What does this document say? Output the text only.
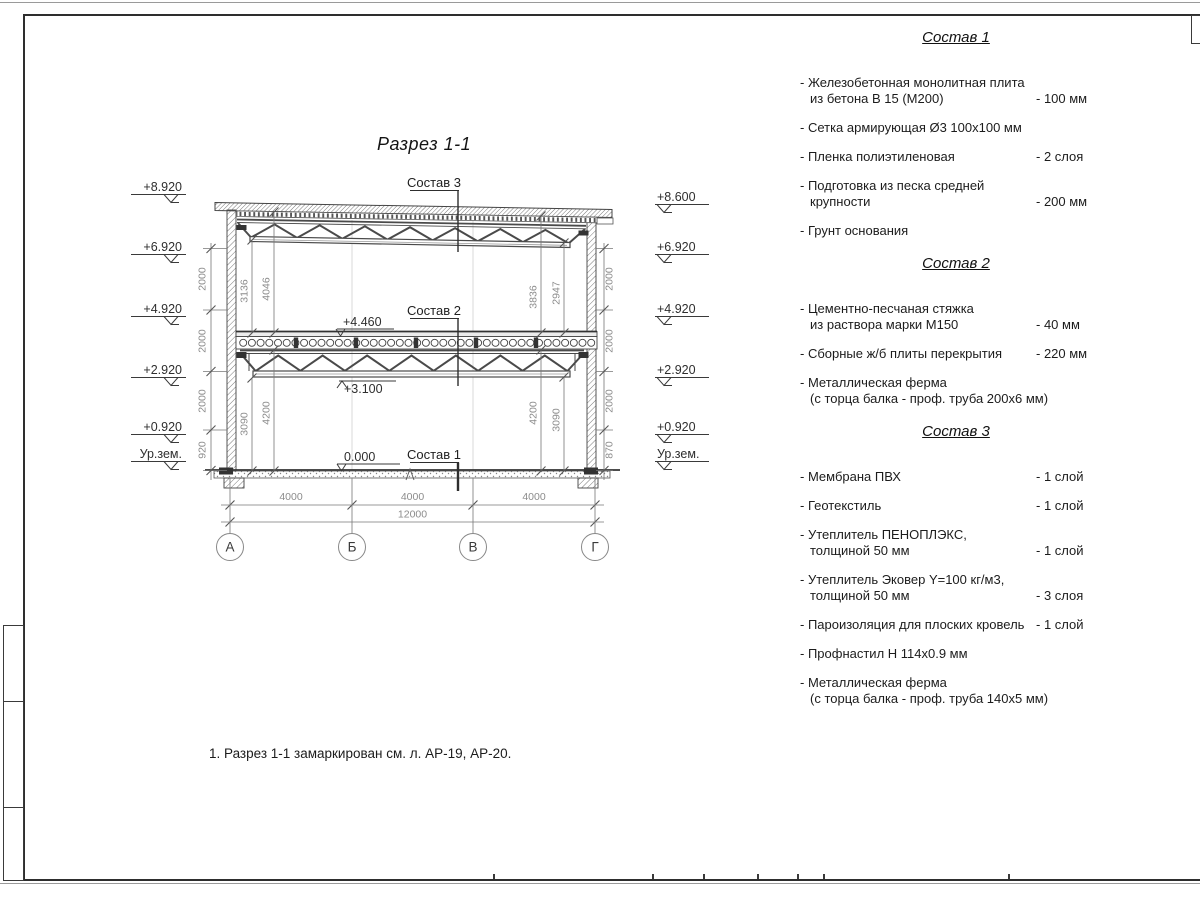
Разрез 1-1
А	Б	В	Г
4000	4000	4000
12000
2000
2000
2000
920
2000
2000
2000
870
3136 4046	3836 2947
3090 4200	4200 3090
+8.920
+6.920
+4.920
+2.920
+0.920
Ур.зем.
+8.600
+6.920
+4.920
+2.920
+0.920
Ур.зем.
+4.460
+3.100
0.000
Состав 3
Состав 2
Состав 1
Состав 1
- Железобетонная монолитная плита
из бетона В 15 (М200)	- 100 мм
- Сетка армирующая Ø3 100х100 мм
- Пленка полиэтиленовая	- 2 слоя
- Подготовка из песка средней
крупности	- 200 мм
- Грунт основания
Состав 2
- Цементно-песчаная стяжка
из раствора марки М150	- 40 мм
- Сборные ж/б плиты перекрытия	- 220 мм
- Металлическая ферма
(с торца балка - проф. труба 200х6 мм)
Состав 3
- Мембрана ПВХ	- 1 слой
- Геотекстиль	- 1 слой
- Утеплитель ПЕНОПЛЭКС,
толщиной 50 мм	- 1 слой
- Утеплитель Эковер Y=100 кг/м3,
толщиной 50 мм	- 3 слоя
- Пароизоляция для плоских кровель - 1 слой
- Профнастил Н 114х0.9 мм
- Металлическая ферма
(с торца балка - проф. труба 140х5 мм)
1. Разрез 1-1 замаркирован см. л. АР-19, АР-20.
